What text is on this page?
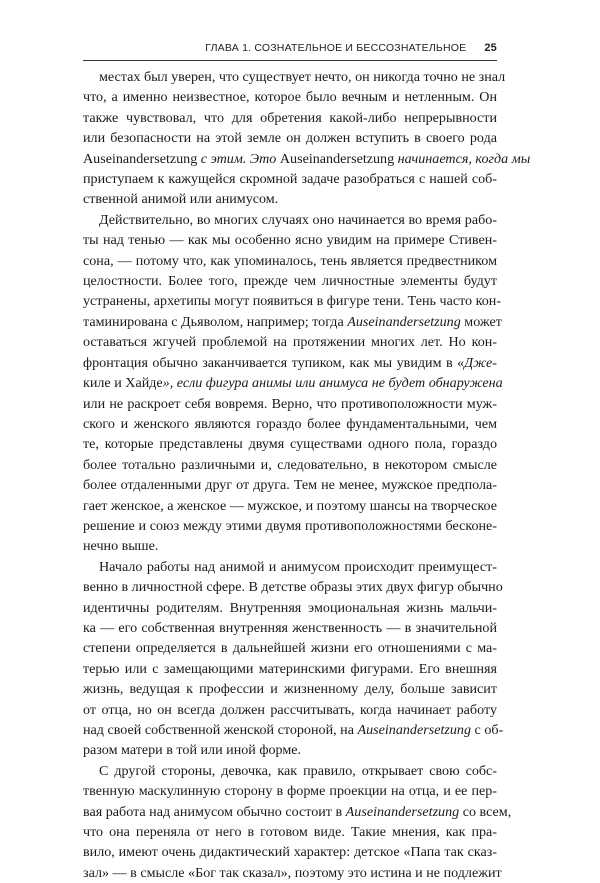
ГЛАВА 1. СОЗНАТЕЛЬНОЕ И БЕССОЗНАТЕЛЬНОЕ 25

местах был уверен, что существует нечто, он никогда точно не знал
что, а именно неизвестное, которое было вечным и нетленным. Он
также чувствовал, что для обретения какой-либо непрерывности
или безопасности на этой земле он должен вступить в своего рода
Auseinandersetzung с этим. Это Auseinandersetzung начинается, когда мы
приступаем к кажущейся скромной задаче разобраться с нашей соб-
ственной анимой или анимусом.

Действительно, во многих случаях оно начинается во время рабо-
ты над тенью — как мы особенно ясно увидим на примере Стивен-
сона, — потому что, как упоминалось, тень является предвестником
целостности. Более того, прежде чем личностные элементы будут
устранены, архетипы могут появиться в фигуре тени. Тень часто кон-
таминирована с Дьяволом, например; тогда Auseinandersetzung может
оставаться жгучей проблемой на протяжении многих лет. Но кон-
фронтация обычно заканчивается тупиком, как мы увидим в «Дже-
киле и Хайде», если фигура анимы или анимуса не будет обнаружена
или не раскроет себя вовремя. Верно, что противоположности муж-
ского и женского являются гораздо более фундаментальными, чем
те, которые представлены двумя существами одного пола, гораздо
более тотально различными и, следовательно, в некотором смысле
более отдаленными друг от друга. Тем не менее, мужское предпола-
гает женское, а женское — мужское, и поэтому шансы на творческое
решение и союз между этими двумя противоположностями бесконе-
нечно выше.

Начало работы над анимой и анимусом происходит преимущест-
венно в личностной сфере. В детстве образы этих двух фигур обычно
идентичны родителям. Внутренняя эмоциональная жизнь мальчи-
ка — его собственная внутренняя женственность — в значительной
степени определяется в дальнейшей жизни его отношениями с ма-
терью или с замещающими материнскими фигурами. Его внешняя
жизнь, ведущая к профессии и жизненному делу, больше зависит
от отца, но он всегда должен рассчитывать, когда начинает работу
над своей собственной женской стороной, на Auseinandersetzung с об-
разом матери в той или иной форме.

С другой стороны, девочка, как правило, открывает свою собс-
твенную маскулинную сторону в форме проекции на отца, и ее пер-
вая работа над анимусом обычно состоит в Auseinandersetzung со всем,
что она переняла от него в готовом виде. Такие мнения, как пра-
вило, имеют очень дидактический характер: детское «Папа так сказ-
зал» — в смысле «Бог так сказал», поэтому это истина и не подлежит
